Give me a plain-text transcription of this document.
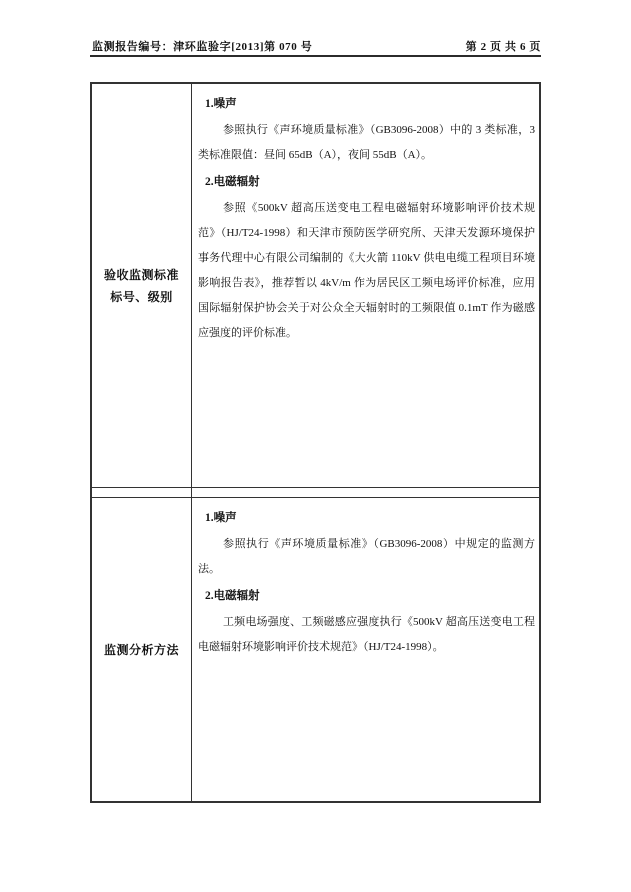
监测报告编号：津环监验字[2013]第 070 号	第 2 页 共 6 页
验收监测标准
标号、级别

1.噪声

参照执行《声环境质量标准》（GB3096-2008）中的 3 类标准，3 类标准限值：昼间 65dB（A），夜间 55dB（A）。

2.电磁辐射

参照《500kV 超高压送变电工程电磁辐射环境影响评价技术规范》（HJ/T24-1998）和天津市预防医学研究所、天津天发源环境保护事务代理中心有限公司编制的《大火箭 110kV 供电电缆工程项目环境影响报告表》，推荐暂以 4kV/m 作为居民区工频电场评价标准，应用国际辐射保护协会关于对公众全天辐射时的工频限值 0.1mT 作为磁感应强度的评价标准。

监测分析方法

1.噪声

参照执行《声环境质量标准》（GB3096-2008）中规定的监测方法。

2.电磁辐射

工频电场强度、工频磁感应强度执行《500kV 超高压送变电工程电磁辐射环境影响评价技术规范》（HJ/T24-1998）。
